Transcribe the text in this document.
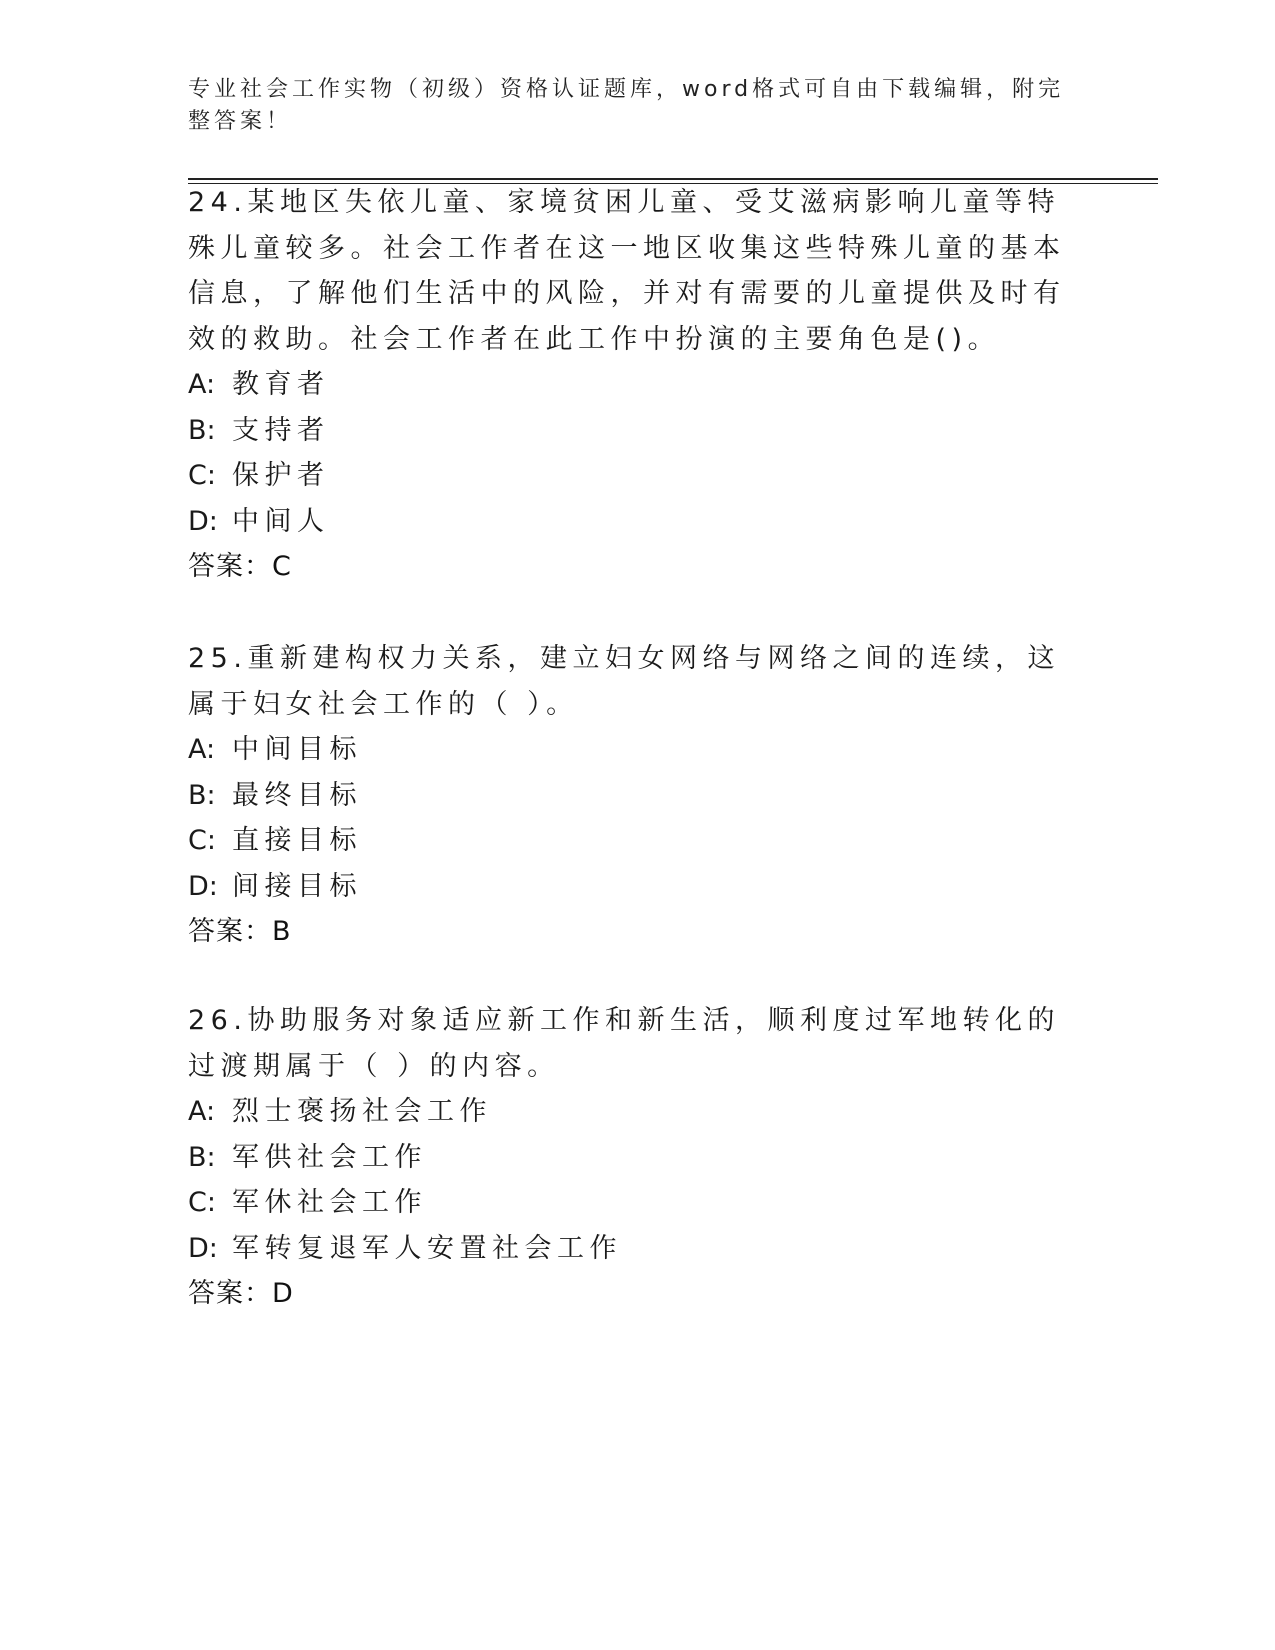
专业社会工作实物（初级）资格认证题库，word格式可自由下载编辑，附完整答案！

24.某地区失依儿童、家境贫困儿童、受艾滋病影响儿童等特殊儿童较多。社会工作者在这一地区收集这些特殊儿童的基本信息，了解他们生活中的风险，并对有需要的儿童提供及时有效的救助。社会工作者在此工作中扮演的主要角色是()。

A: 教育者

B: 支持者

C: 保护者

D: 中间人

答案：C

25.重新建构权力关系，建立妇女网络与网络之间的连续，这属于妇女社会工作的（ ）。

A: 中间目标

B: 最终目标

C: 直接目标

D: 间接目标

答案：B

26.协助服务对象适应新工作和新生活，顺利度过军地转化的过渡期属于（ ）的内容。

A: 烈士褒扬社会工作

B: 军供社会工作

C: 军休社会工作

D: 军转复退军人安置社会工作

答案：D
